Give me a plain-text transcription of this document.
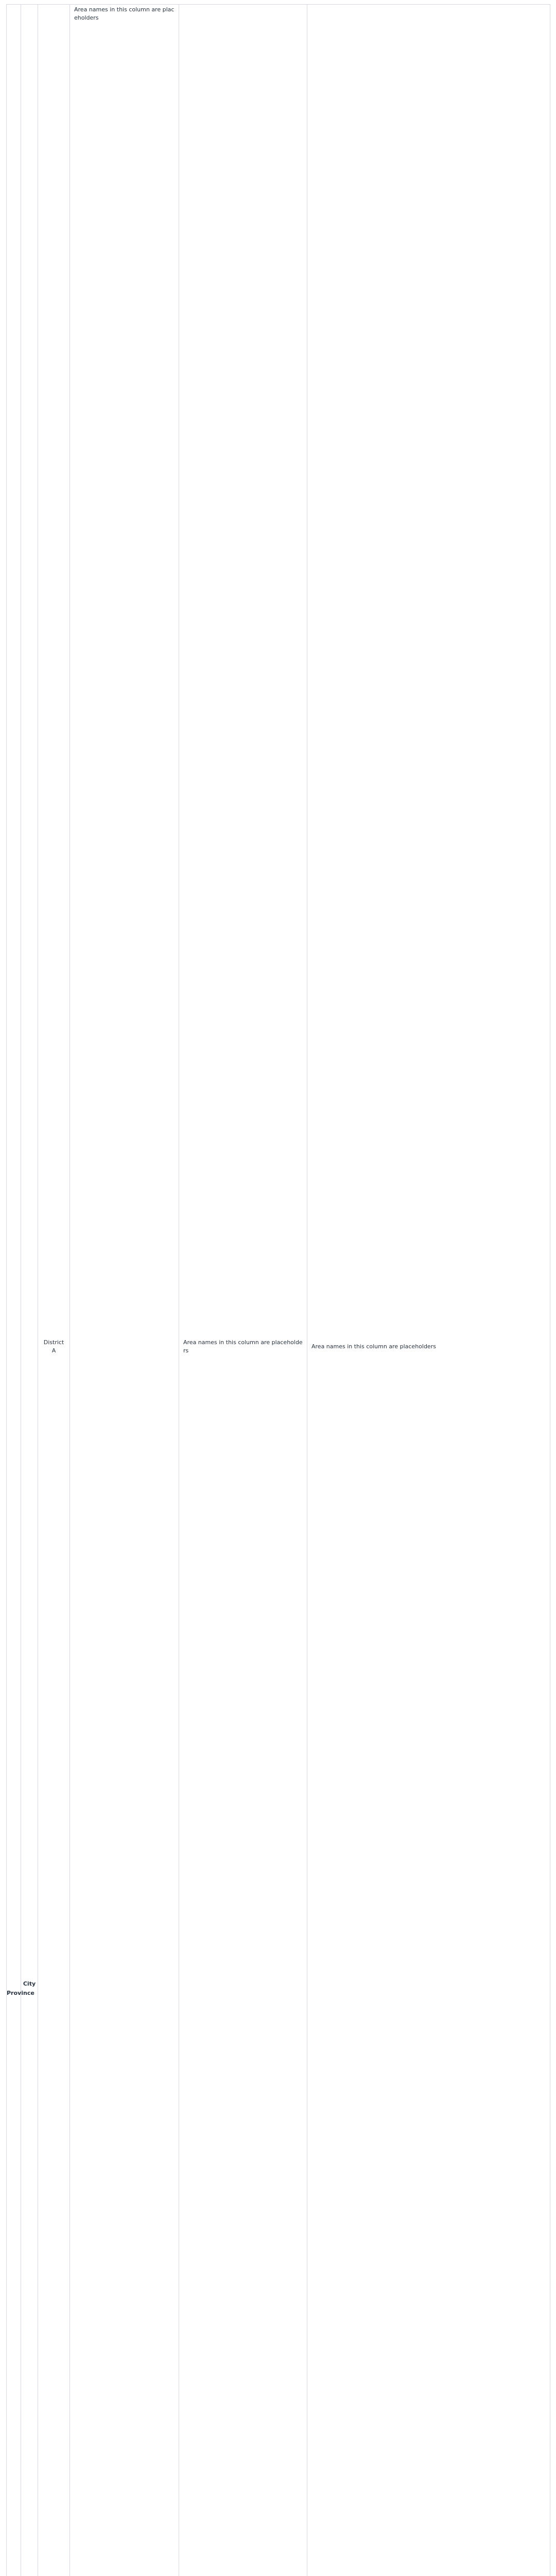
Province	City	District A	Area names in this column are placeholders	Area names in this column are placeholders	Area names in this column are placeholders
